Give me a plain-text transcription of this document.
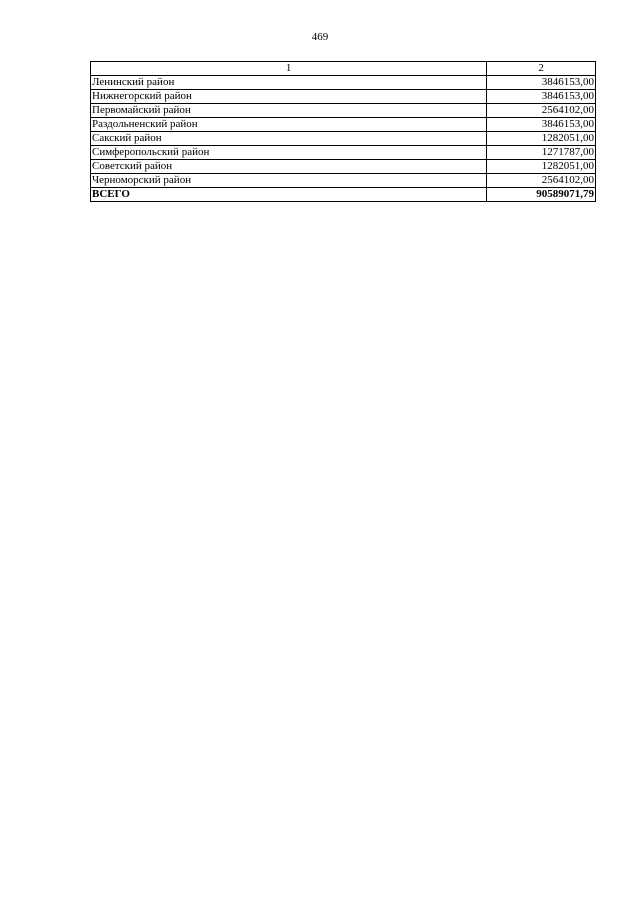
469
1	2
Ленинский район	3846153,00
Нижнегорский район	3846153,00
Первомайский район	2564102,00
Раздольненский район	3846153,00
Сакский район	1282051,00
Симферопольский район	1271787,00
Советский район	1282051,00
Черноморский район	2564102,00
ВСЕГО	90589071,79
